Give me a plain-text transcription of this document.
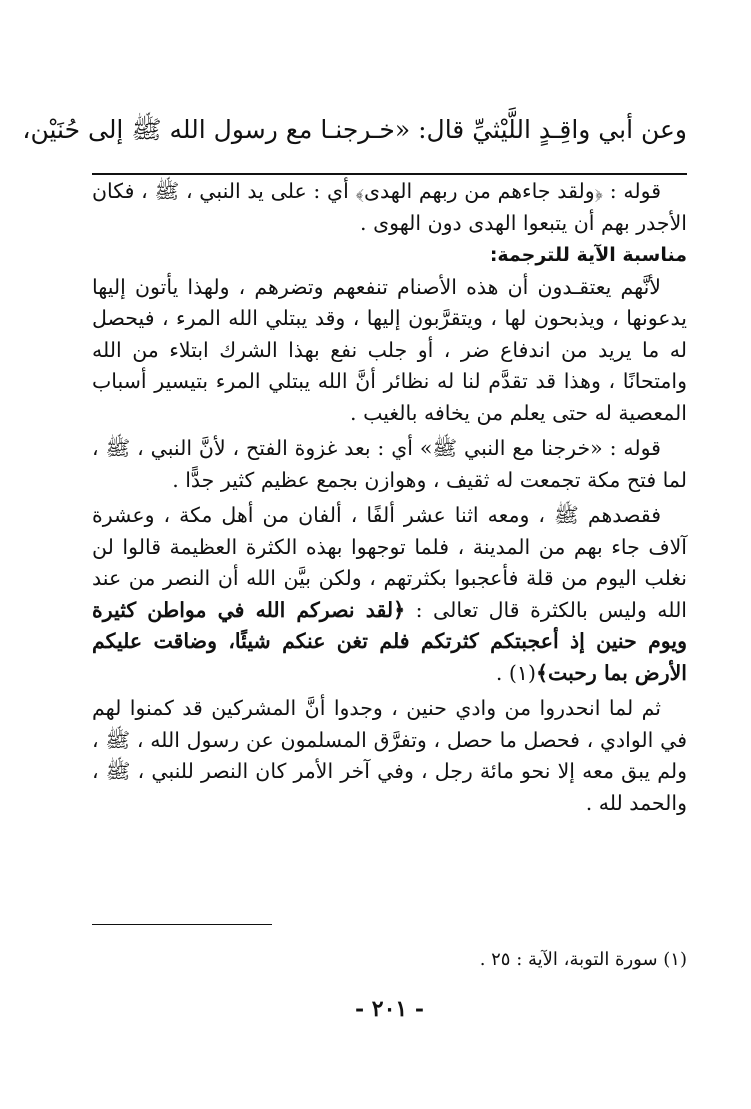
وعن أبي واقِـدٍ اللَّيْثيِّ قال: «خـرجنـا مع رسول الله ﷺ إلى حُنَيْن،

قوله : ﴿ولقد جاءهم من ربهم الهدى﴾ أي : على يد النبي ، ﷺ ، فكان الأجدر بهم أن يتبعوا الهدى دون الهوى .

مناسبة الآية للترجمة:

لأنَّهم يعتقـدون أن هذه الأصنام تنفعهم وتضرهم ، ولهذا يأتون إليها يدعونها ، ويذبحون لها ، ويتقرَّبون إليها ، وقد يبتلي الله المرء ، فيحصل له ما يريد من اندفاع ضر ، أو جلب نفع بهذا الشرك ابتلاء من الله وامتحانًا ، وهذا قد تقدَّم لنا له نظائر أنَّ الله يبتلي المرء بتيسير أسباب المعصية له حتى يعلم من يخافه بالغيب .

قوله : «خرجنا مع النبي ﷺ» أي : بعد غزوة الفتح ، لأنَّ النبي ، ﷺ ، لما فتح مكة تجمعت له ثقيف ، وهوازن بجمع عظيم كثير جدًّا .

فقصدهم ﷺ ، ومعه اثنا عشر ألفًا ، ألفان من أهل مكة ، وعشرة آلاف جاء بهم من المدينة ، فلما توجهوا بهذه الكثرة العظيمة قالوا لن نغلب اليوم من قلة فأعجبوا بكثرتهم ، ولكن بيَّن الله أن النصر من عند الله وليس بالكثرة قال تعالى : ﴿لقد نصركم الله في مواطن كثيرة ويوم حنين إذ أعجبتكم كثرتكم فلم تغن عنكم شيئًا، وضاقت عليكم الأرض بما رحبت﴾(١) .

ثم لما انحدروا من وادي حنين ، وجدوا أنَّ المشركين قد كمنوا لهم في الوادي ، فحصل ما حصل ، وتفرَّق المسلمون عن رسول الله ، ﷺ ، ولم يبق معه إلا نحو مائة رجل ، وفي آخر الأمر كان النصر للنبي ، ﷺ ، والحمد لله .

(١) سورة التوبة، الآية : ٢٥ .
- ٢٠١ -
